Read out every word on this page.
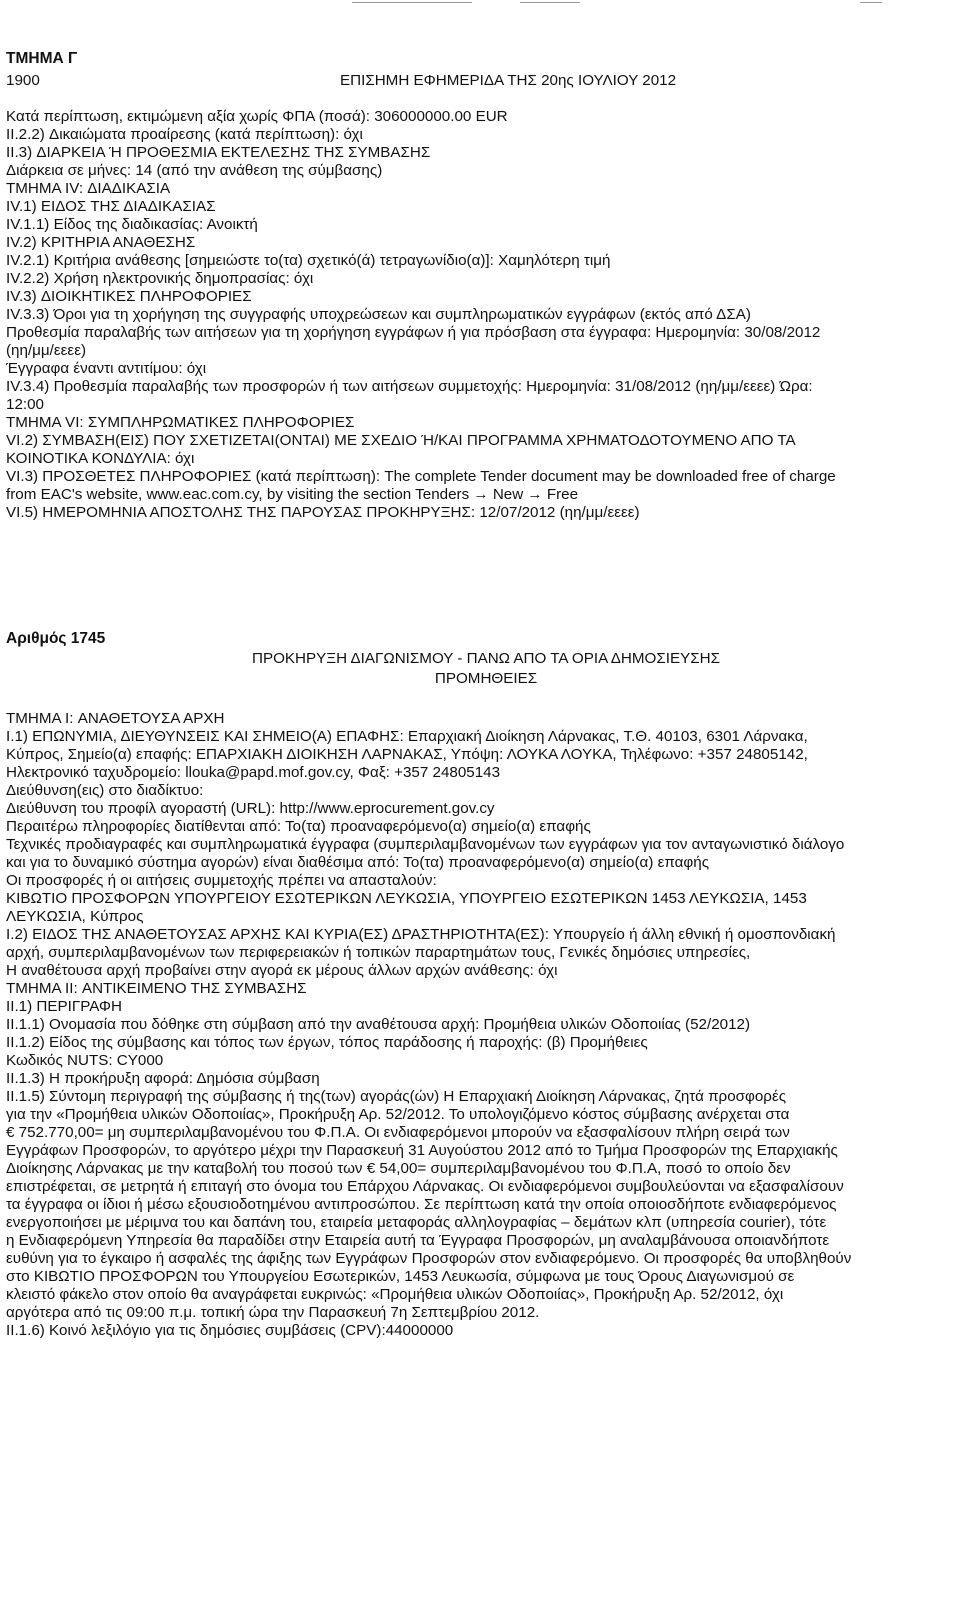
ΤΜΗΜΑ Γ
1900	ΕΠΙΣΗΜΗ ΕΦΗΜΕΡΙΔΑ ΤΗΣ 20ης ΙΟΥΛΙΟΥ 2012
Κατά περίπτωση, εκτιμώμενη αξία χωρίς ΦΠΑ (ποσά): 306000000.00 EUR
II.2.2) Δικαιώματα προαίρεσης (κατά περίπτωση): όχι
II.3) ΔΙΑΡΚΕΙΑ Ή ΠΡΟΘΕΣΜΙΑ ΕΚΤΕΛΕΣΗΣ ΤΗΣ ΣΥΜΒΑΣΗΣ
Διάρκεια σε μήνες: 14 (από την ανάθεση της σύμβασης)
ΤΜΗΜΑ IV: ΔΙΑΔΙΚΑΣΙΑ
IV.1) ΕΙΔΟΣ ΤΗΣ ΔΙΑΔΙΚΑΣΙΑΣ
IV.1.1) Είδος της διαδικασίας: Ανοικτή
IV.2) ΚΡΙΤΗΡΙΑ ΑΝΑΘΕΣΗΣ
IV.2.1) Κριτήρια ανάθεσης [σημειώστε το(τα) σχετικό(ά) τετραγωνίδιο(α)]: Χαμηλότερη τιμή
IV.2.2) Χρήση ηλεκτρονικής δημοπρασίας: όχι
IV.3) ΔΙΟΙΚΗΤΙΚΕΣ ΠΛΗΡΟΦΟΡΙΕΣ
IV.3.3) Όροι για τη χορήγηση της συγγραφής υποχρεώσεων και συμπληρωματικών εγγράφων (εκτός από ΔΣΑ)
Προθεσμία παραλαβής των αιτήσεων για τη χορήγηση εγγράφων ή για πρόσβαση στα έγγραφα: Ημερομηνία: 30/08/2012
(ηη/μμ/εεεε)
Έγγραφα έναντι αντιτίμου: όχι
IV.3.4) Προθεσμία παραλαβής των προσφορών ή των αιτήσεων συμμετοχής: Ημερομηνία: 31/08/2012 (ηη/μμ/εεεε) Ώρα:
12:00
ΤΜΗΜΑ VI: ΣΥΜΠΛΗΡΩΜΑΤΙΚΕΣ ΠΛΗΡΟΦΟΡΙΕΣ
VI.2) ΣΥΜΒΑΣΗ(ΕΙΣ) ΠΟΥ ΣΧΕΤΙΖΕΤΑΙ(ΟΝΤΑΙ) ΜΕ ΣΧΕΔΙΟ Ή/ΚΑΙ ΠΡΟΓΡΑΜΜΑ ΧΡΗΜΑΤΟΔΟΤΟΥΜΕΝΟ ΑΠΟ ΤΑ
ΚΟΙΝΟΤΙΚΑ ΚΟΝΔΥΛΙΑ: όχι
VI.3) ΠΡΟΣΘΕΤΕΣ ΠΛΗΡΟΦΟΡΙΕΣ (κατά περίπτωση): The complete Tender document may be downloaded free of charge
from EAC's website, www.eac.com.cy, by visiting the section Tenders → New → Free
VI.5) ΗΜΕΡΟΜΗΝΙΑ ΑΠΟΣΤΟΛΗΣ ΤΗΣ ΠΑΡΟΥΣΑΣ ΠΡΟΚΗΡΥΞΗΣ: 12/07/2012 (ηη/μμ/εεεε)
Αριθμός 1745
ΠΡΟΚΗΡΥΞΗ ΔΙΑΓΩΝΙΣΜΟΥ - ΠΑΝΩ ΑΠΟ ΤΑ ΟΡΙΑ ΔΗΜΟΣΙΕΥΣΗΣ
ΠΡΟΜΗΘΕΙΕΣ
ΤΜΗΜΑ I: ΑΝΑΘΕΤΟΥΣΑ ΑΡΧΗ
I.1) ΕΠΩΝΥΜΙΑ, ΔΙΕΥΘΥΝΣΕΙΣ ΚΑΙ ΣΗΜΕΙΟ(Α) ΕΠΑΦΗΣ: Επαρχιακή Διοίκηση Λάρνακας, Τ.Θ. 40103, 6301 Λάρνακα,
Κύπρος, Σημείο(α) επαφής: ΕΠΑΡΧΙΑΚΗ ΔΙΟΙΚΗΣΗ ΛΑΡΝΑΚΑΣ, Υπόψη: ΛΟΥΚΑ ΛΟΥΚΑ, Τηλέφωνο: +357 24805142,
Ηλεκτρονικό ταχυδρομείο: llouka@papd.mof.gov.cy, Φαξ: +357 24805143
Διεύθυνση(εις) στο διαδίκτυο:
Διεύθυνση του προφίλ αγοραστή (URL): http://www.eprocurement.gov.cy
Περαιτέρω πληροφορίες διατίθενται από: Το(τα) προαναφερόμενο(α) σημείο(α) επαφής
Τεχνικές προδιαγραφές και συμπληρωματικά έγγραφα (συμπεριλαμβανομένων των εγγράφων για τον ανταγωνιστικό διάλογο
και για το δυναμικό σύστημα αγορών) είναι διαθέσιμα από: Το(τα) προαναφερόμενο(α) σημείο(α) επαφής
Οι προσφορές ή οι αιτήσεις συμμετοχής πρέπει να απασταλούν:
ΚΙΒΩΤΙΟ ΠΡΟΣΦΟΡΩΝ ΥΠΟΥΡΓΕΙΟΥ ΕΣΩΤΕΡΙΚΩΝ ΛΕΥΚΩΣΙΑ, ΥΠΟΥΡΓΕΙΟ ΕΣΩΤΕΡΙΚΩΝ 1453 ΛΕΥΚΩΣΙΑ, 1453
ΛΕΥΚΩΣΙΑ, Κύπρος
I.2) ΕΙΔΟΣ ΤΗΣ ΑΝΑΘΕΤΟΥΣΑΣ ΑΡΧΗΣ ΚΑΙ ΚΥΡΙΑ(ΕΣ) ΔΡΑΣΤΗΡΙΟΤΗΤΑ(ΕΣ): Υπουργείο ή άλλη εθνική ή ομοσπονδιακή
αρχή, συμπεριλαμβανομένων των περιφερειακών ή τοπικών παραρτημάτων τους, Γενικές δημόσιες υπηρεσίες,
Η αναθέτουσα αρχή προβαίνει στην αγορά εκ μέρους άλλων αρχών ανάθεσης: όχι
ΤΜΗΜΑ II: ΑΝΤΙΚΕΙΜΕΝΟ ΤΗΣ ΣΥΜΒΑΣΗΣ
II.1) ΠΕΡΙΓΡΑΦΗ
II.1.1) Ονομασία που δόθηκε στη σύμβαση από την αναθέτουσα αρχή: Προμήθεια υλικών Οδοποιίας (52/2012)
II.1.2) Είδος της σύμβασης και τόπος των έργων, τόπος παράδοσης ή παροχής: (β) Προμήθειες
Κωδικός NUTS: CY000
II.1.3) Η προκήρυξη αφορά: Δημόσια σύμβαση
II.1.5) Σύντομη περιγραφή της σύμβασης ή της(των) αγοράς(ών) Η Επαρχιακή Διοίκηση Λάρνακας, ζητά προσφορές
για την «Προμήθεια υλικών Οδοποιίας», Προκήρυξη Αρ. 52/2012. Το υπολογιζόμενο κόστος σύμβασης ανέρχεται στα
€ 752.770,00= μη συμπεριλαμβανομένου του Φ.Π.Α. Οι ενδιαφερόμενοι μπορούν να εξασφαλίσουν πλήρη σειρά των
Εγγράφων Προσφορών, το αργότερο μέχρι την Παρασκευή 31 Αυγούστου 2012 από το Τμήμα Προσφορών της Επαρχιακής
Διοίκησης Λάρνακας με την καταβολή του ποσού των € 54,00= συμπεριλαμβανομένου του Φ.Π.Α, ποσό το οποίο δεν
επιστρέφεται, σε μετρητά ή επιταγή στο όνομα του Επάρχου Λάρνακας. Οι ενδιαφερόμενοι συμβουλεύονται να εξασφαλίσουν
τα έγγραφα οι ίδιοι ή μέσω εξουσιοδοτημένου αντιπροσώπου. Σε περίπτωση κατά την οποία οποιοσδήποτε ενδιαφερόμενος
ενεργοποιήσει με μέριμνα του και δαπάνη του, εταιρεία μεταφοράς αλληλογραφίας – δεμάτων κλπ (υπηρεσία courier), τότε
η Ενδιαφερόμενη Υπηρεσία θα παραδίδει στην Εταιρεία αυτή τα Έγγραφα Προσφορών, μη αναλαμβάνουσα οποιανδήποτε
ευθύνη για το έγκαιρο ή ασφαλές της άφιξης των Εγγράφων Προσφορών στον ενδιαφερόμενο. Οι προσφορές θα υποβληθούν
στο ΚΙΒΩΤΙΟ ΠΡΟΣΦΟΡΩΝ του Υπουργείου Εσωτερικών, 1453 Λευκωσία, σύμφωνα με τους Όρους Διαγωνισμού σε
κλειστό φάκελο στον οποίο θα αναγράφεται ευκρινώς: «Προμήθεια υλικών Οδοποιίας», Προκήρυξη Αρ. 52/2012, όχι
αργότερα από τις 09:00 π.μ. τοπική ώρα την Παρασκευή 7η Σεπτεμβρίου 2012.
II.1.6) Κοινό λεξιλόγιο για τις δημόσιες συμβάσεις (CPV):44000000
